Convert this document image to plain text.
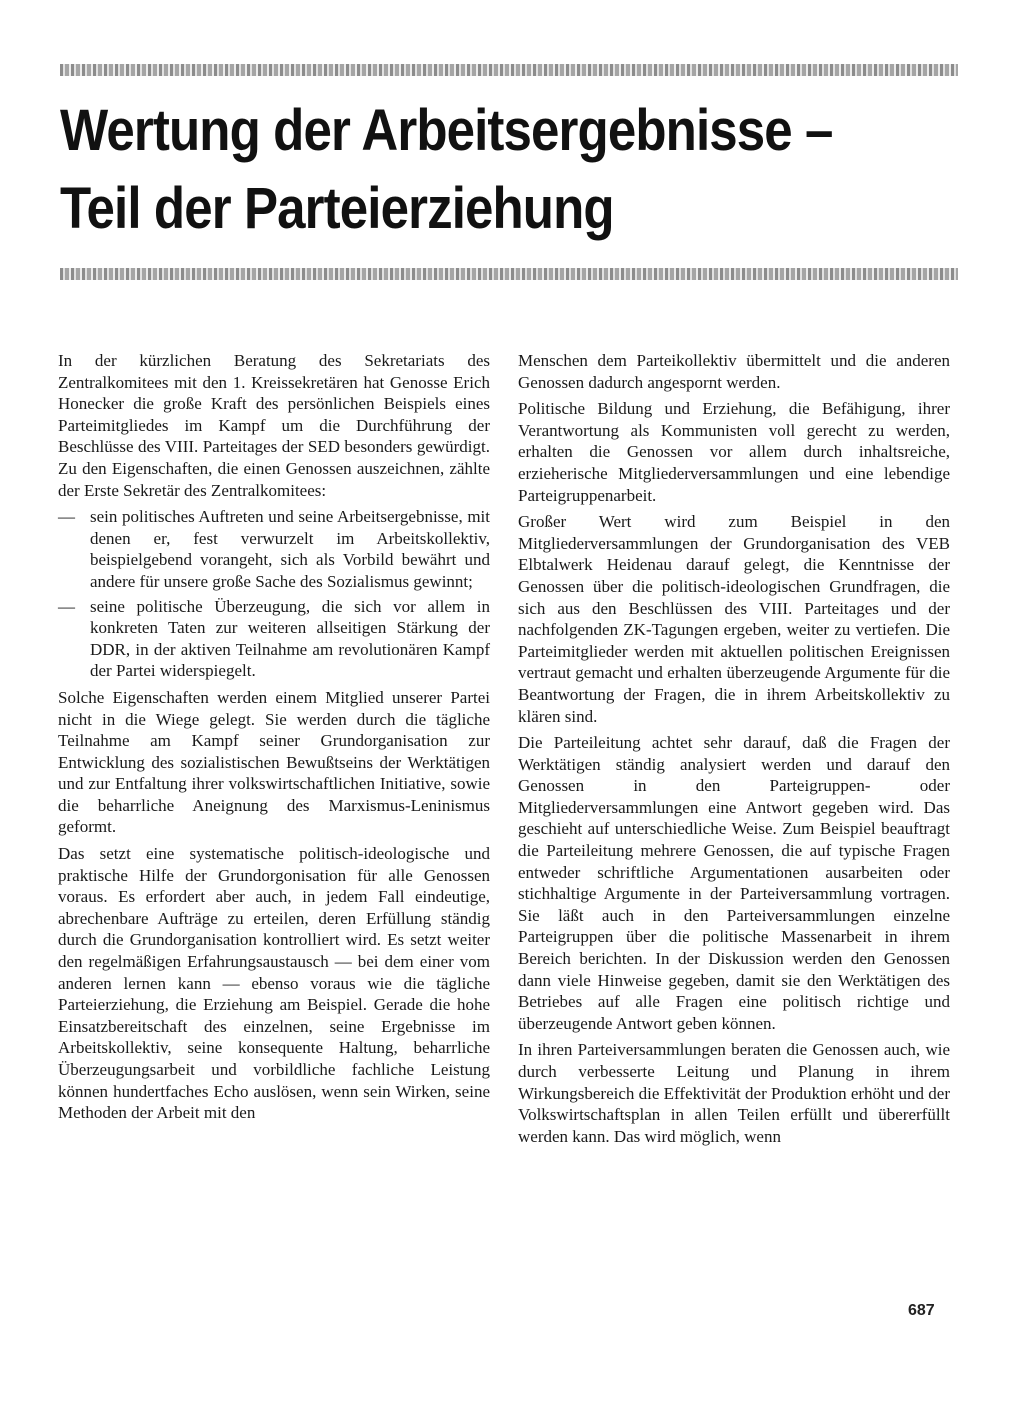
Wertung der Arbeitsergebnisse –
Teil der Parteierziehung

In der kürzlichen Beratung des Sekretariats des Zentralkomitees mit den 1. Kreissekretären hat Genosse Erich Honecker die große Kraft des persönlichen Beispiels eines Parteimitgliedes im Kampf um die Durchführung der Beschlüsse des VIII. Parteitages der SED besonders gewürdigt. Zu den Eigenschaften, die einen Genossen auszeichnen, zählte der Erste Sekretär des Zentralkomitees:

— sein politisches Auftreten und seine Arbeitsergebnisse, mit denen er, fest verwurzelt im Arbeitskollektiv, beispielgebend vorangeht, sich als Vorbild bewährt und andere für unsere große Sache des Sozialismus gewinnt;
— seine politische Überzeugung, die sich vor allem in konkreten Taten zur weiteren allseitigen Stärkung der DDR, in der aktiven Teilnahme am revolutionären Kampf der Partei widerspiegelt.

Solche Eigenschaften werden einem Mitglied unserer Partei nicht in die Wiege gelegt. Sie werden durch die tägliche Teilnahme am Kampf seiner Grundorganisation zur Entwicklung des sozialistischen Bewußtseins der Werktätigen und zur Entfaltung ihrer volkswirtschaftlichen Initiative, sowie die beharrliche Aneignung des Marxismus-Leninismus geformt.

Das setzt eine systematische politisch-ideologische und praktische Hilfe der Grundorgonisation für alle Genossen voraus. Es erfordert aber auch, in jedem Fall eindeutige, abrechenbare Aufträge zu erteilen, deren Erfüllung ständig durch die Grundorganisation kontrolliert wird. Es setzt weiter den regelmäßigen Erfahrungsaustausch — bei dem einer vom anderen lernen kann — ebenso voraus wie die tägliche Parteierziehung, die Erziehung am Beispiel. Gerade die hohe Einsatzbereitschaft des einzelnen, seine Ergebnisse im Arbeitskollektiv, seine konsequente Haltung, beharrliche Überzeugungsarbeit und vorbildliche fachliche Leistung können hundertfaches Echo auslösen, wenn sein Wirken, seine Methoden der Arbeit mit den

Menschen dem Parteikollektiv übermittelt und die anderen Genossen dadurch angespornt werden.

Politische Bildung und Erziehung, die Befähigung, ihrer Verantwortung als Kommunisten voll gerecht zu werden, erhalten die Genossen vor allem durch inhaltsreiche, erzieherische Mitgliederversammlungen und eine lebendige Parteigruppenarbeit.

Großer Wert wird zum Beispiel in den Mitgliederversammlungen der Grundorganisation des VEB Elbtalwerk Heidenau darauf gelegt, die Kenntnisse der Genossen über die politisch-ideologischen Grundfragen, die sich aus den Beschlüssen des VIII. Parteitages und der nachfolgenden ZK-Tagungen ergeben, weiter zu vertiefen. Die Parteimitglieder werden mit aktuellen politischen Ereignissen vertraut gemacht und erhalten überzeugende Argumente für die Beantwortung der Fragen, die in ihrem Arbeitskollektiv zu klären sind.

Die Parteileitung achtet sehr darauf, daß die Fragen der Werktätigen ständig analysiert werden und darauf den Genossen in den Parteigruppen- oder Mitgliederversammlungen eine Antwort gegeben wird. Das geschieht auf unterschiedliche Weise. Zum Beispiel beauftragt die Parteileitung mehrere Genossen, die auf typische Fragen entweder schriftliche Argumentationen ausarbeiten oder stichhaltige Argumente in der Parteiversammlung vortragen. Sie läßt auch in den Parteiversammlungen einzelne Parteigruppen über die politische Massenarbeit in ihrem Bereich berichten. In der Diskussion werden den Genossen dann viele Hinweise gegeben, damit sie den Werktätigen des Betriebes auf alle Fragen eine politisch richtige und überzeugende Antwort geben können.

In ihren Parteiversammlungen beraten die Genossen auch, wie durch verbesserte Leitung und Planung in ihrem Wirkungsbereich die Effektivität der Produktion erhöht und der Volkswirtschaftsplan in allen Teilen erfüllt und übererfüllt werden kann. Das wird möglich, wenn

687
